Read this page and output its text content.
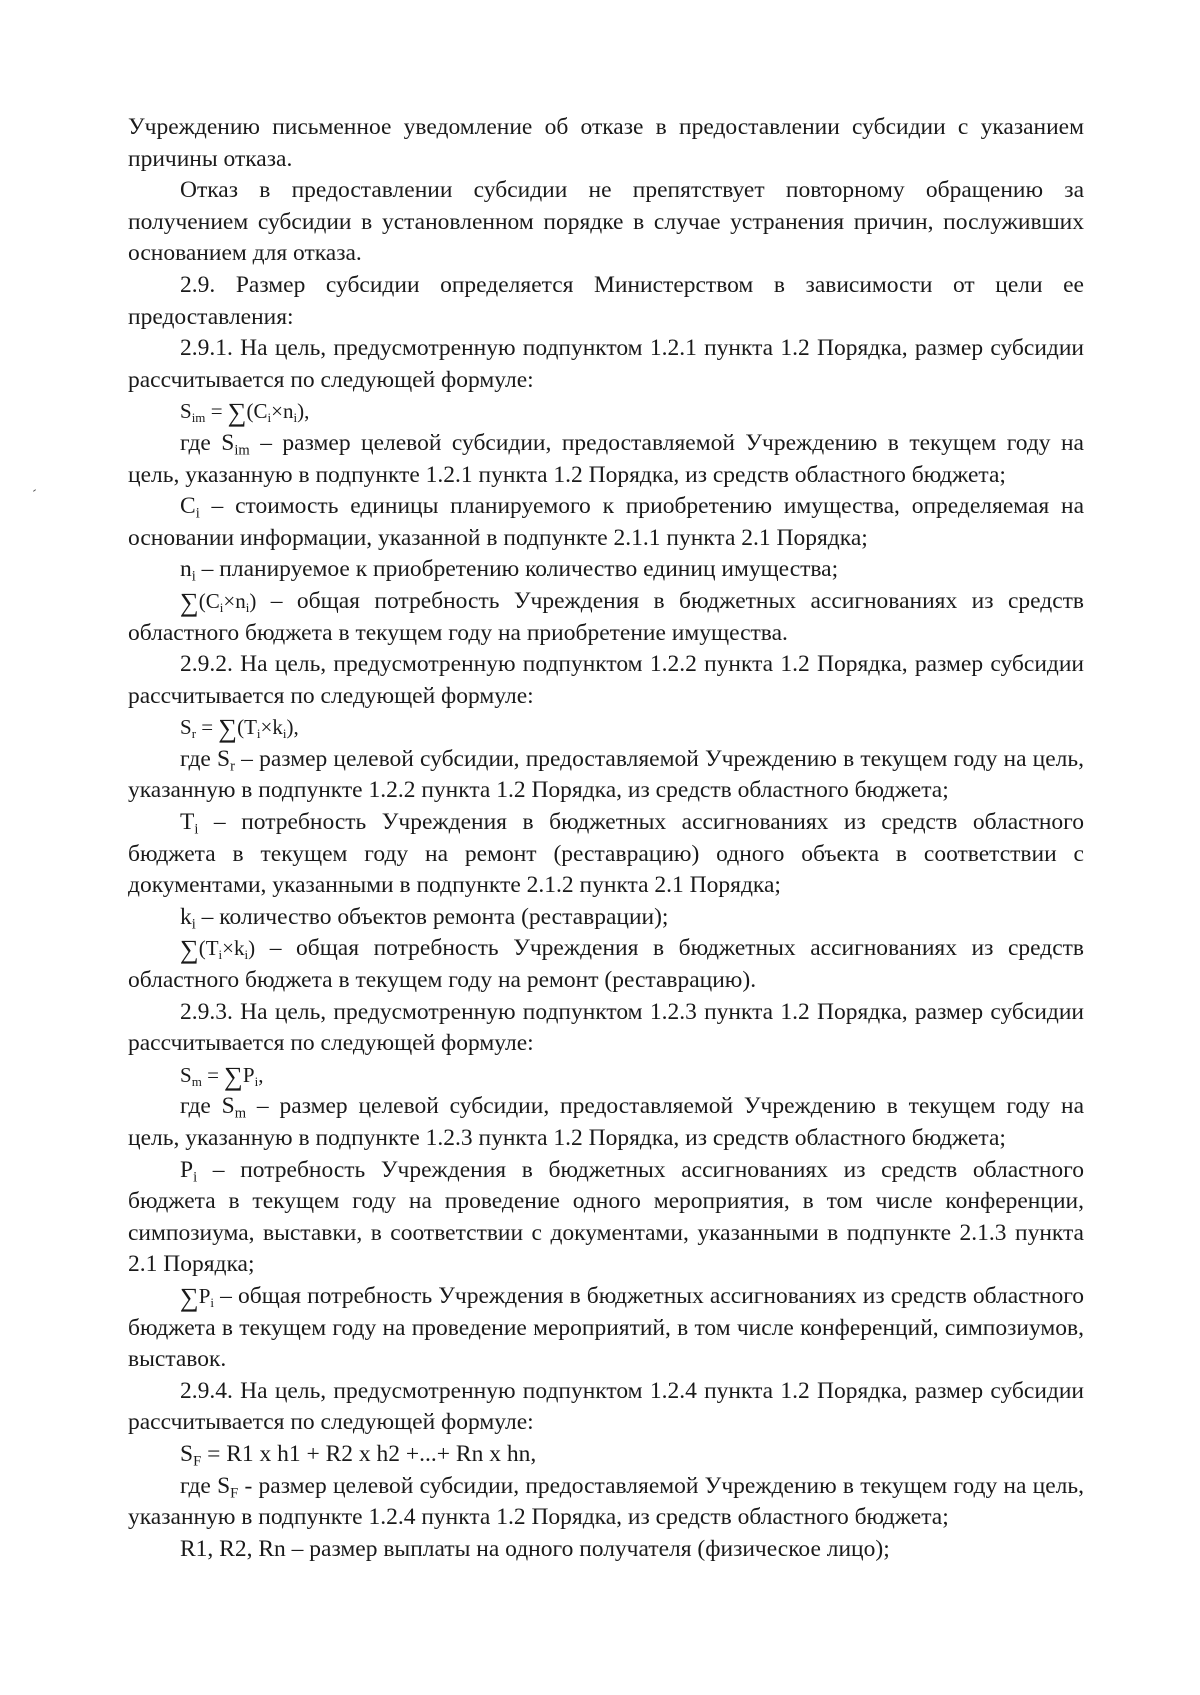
Учреждению письменное уведомление об отказе в предоставлении субсидии с указанием причины отказа.

Отказ в предоставлении субсидии не препятствует повторному обращению за получением субсидии в установленном порядке в случае устранения причин, послуживших основанием для отказа.

2.9. Размер субсидии определяется Министерством в зависимости от цели ее предоставления:

2.9.1. На цель, предусмотренную подпунктом 1.2.1 пункта 1.2 Порядка, размер субсидии рассчитывается по следующей формуле:

$S_{im} = \sum(C_i\times n_i)$,

где $S_{im}$ – размер целевой субсидии, предоставляемой Учреждению в текущем году на цель, указанную в подпункте 1.2.1 пункта 1.2 Порядка, из средств областного бюджета;

$C_i$ – стоимость единицы планируемого к приобретению имущества, определяемая на основании информации, указанной в подпункте 2.1.1 пункта 2.1 Порядка;

$n_i$ – планируемое к приобретению количество единиц имущества;

$\sum(C_i\times n_i)$ – общая потребность Учреждения в бюджетных ассигнованиях из средств областного бюджета в текущем году на приобретение имущества.

2.9.2. На цель, предусмотренную подпунктом 1.2.2 пункта 1.2 Порядка, размер субсидии рассчитывается по следующей формуле:

$S_r = \sum(T_i\times k_i)$,

где $S_r$ – размер целевой субсидии, предоставляемой Учреждению в текущем году на цель, указанную в подпункте 1.2.2 пункта 1.2 Порядка, из средств областного бюджета;

$T_i$ – потребность Учреждения в бюджетных ассигнованиях из средств областного бюджета в текущем году на ремонт (реставрацию) одного объекта в соответствии с документами, указанными в подпункте 2.1.2 пункта 2.1 Порядка;

$k_i$ – количество объектов ремонта (реставрации);

$\sum(T_i\times k_i)$ – общая потребность Учреждения в бюджетных ассигнованиях из средств областного бюджета в текущем году на ремонт (реставрацию).

2.9.3. На цель, предусмотренную подпунктом 1.2.3 пункта 1.2 Порядка, размер субсидии рассчитывается по следующей формуле:

$S_m = \sum P_i$,

где $S_m$ – размер целевой субсидии, предоставляемой Учреждению в текущем году на цель, указанную в подпункте 1.2.3 пункта 1.2 Порядка, из средств областного бюджета;

$P_i$ – потребность Учреждения в бюджетных ассигнованиях из средств областного бюджета в текущем году на проведение одного мероприятия, в том числе конференции, симпозиума, выставки, в соответствии с документами, указанными в подпункте 2.1.3 пункта 2.1 Порядка;

$\sum P_i$ – общая потребность Учреждения в бюджетных ассигнованиях из средств областного бюджета в текущем году на проведение мероприятий, в том числе конференций, симпозиумов, выставок.

2.9.4. На цель, предусмотренную подпунктом 1.2.4 пункта 1.2 Порядка, размер субсидии рассчитывается по следующей формуле:

$S_F = R1$ x h1 + R2 x h2 +...+ Rn x hn,

где $S_F$ - размер целевой субсидии, предоставляемой Учреждению в текущем году на цель, указанную в подпункте 1.2.4 пункта 1.2 Порядка, из средств областного бюджета;

R1, R2, Rn – размер выплаты на одного получателя (физическое лицо);
